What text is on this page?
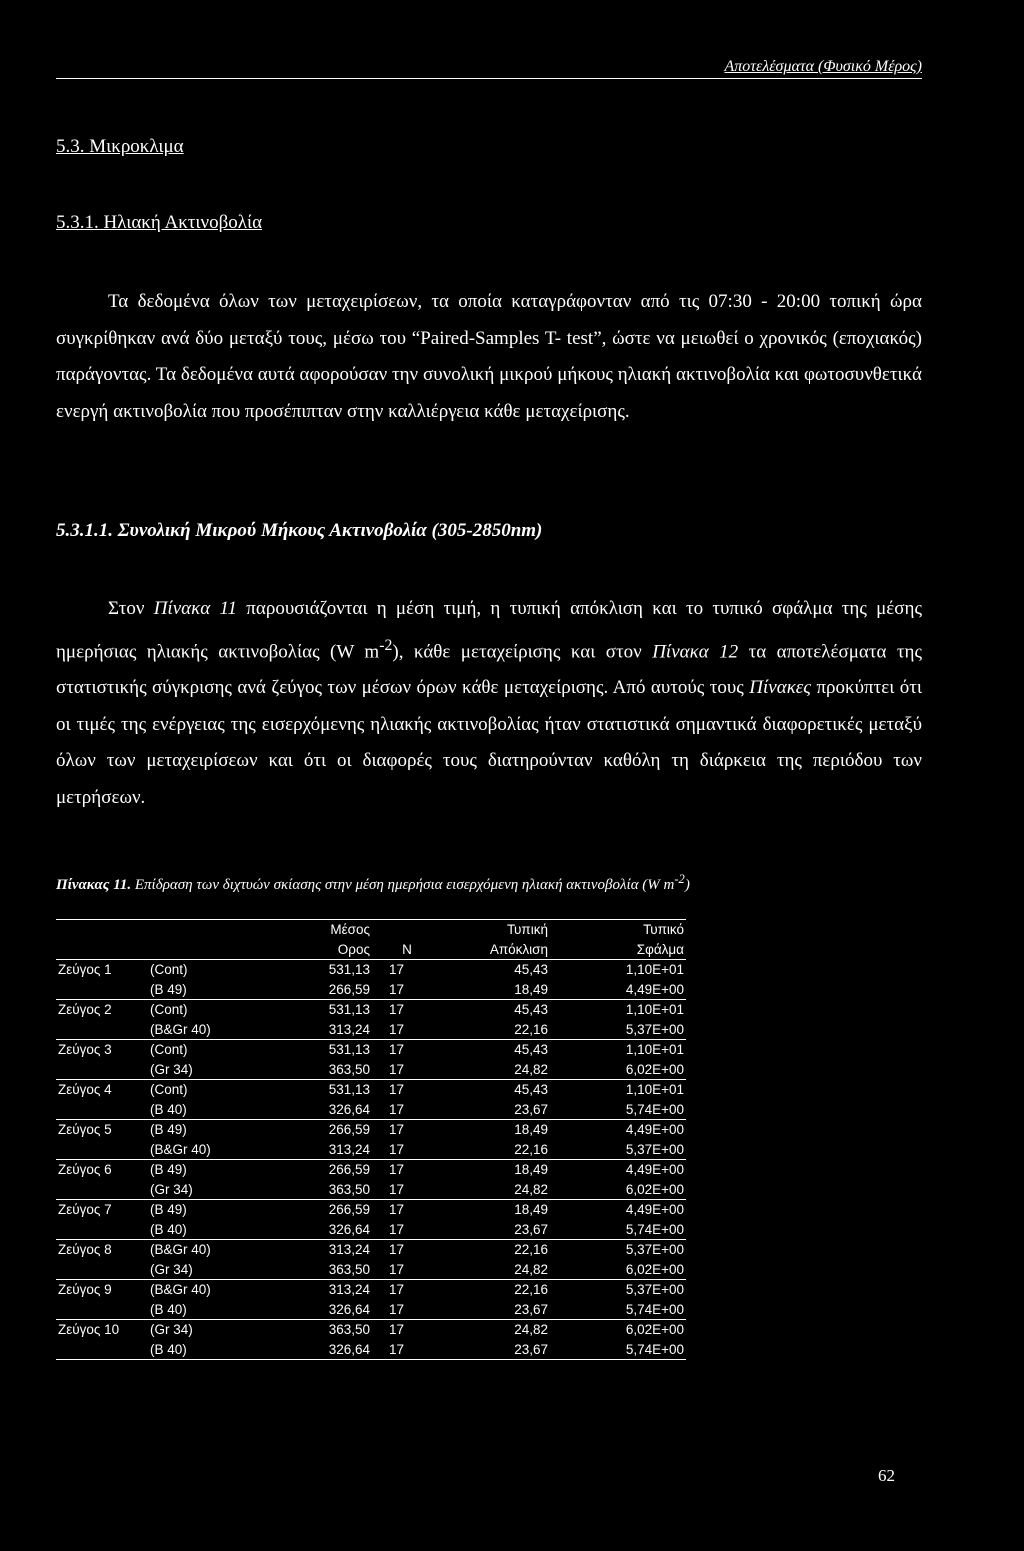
Αποτελέσματα (Φυσικό Μέρος)
5.3. Μικροκλιμα
5.3.1. Ηλιακή Ακτινοβολία
Τα δεδομένα όλων των μεταχειρίσεων, τα οποία καταγράφονταν από τις 07:30 - 20:00 τοπική ώρα συγκρίθηκαν ανά δύο μεταξύ τους, μέσω του “Paired-Samples T- test”, ώστε να μειωθεί ο χρονικός (εποχιακός) παράγοντας. Τα δεδομένα αυτά αφορούσαν την συνολική μικρού μήκους ηλιακή ακτινοβολία και φωτοσυνθετικά ενεργή ακτινοβολία που προσέπιπταν στην καλλιέργεια κάθε μεταχείρισης.
5.3.1.1. Συνολική Μικρού Μήκους Ακτινοβολία (305-2850nm)
Στον Πίνακα 11 παρουσιάζονται η μέση τιμή, η τυπική απόκλιση και το τυπικό σφάλμα της μέσης ημερήσιας ηλιακής ακτινοβολίας (W $m^{-2}$), κάθε μεταχείρισης και στον Πίνακα 12 τα αποτελέσματα της στατιστικής σύγκρισης ανά ζεύγος των μέσων όρων κάθε μεταχείρισης. Από αυτούς τους Πίνακες προκύπτει ότι οι τιμές της ενέργειας της εισερχόμενης ηλιακής ακτινοβολίας ήταν στατιστικά σημαντικά διαφορετικές μεταξύ όλων των μεταχειρίσεων και ότι οι διαφορές τους διατηρούνταν καθόλη τη διάρκεια της περιόδου των μετρήσεων.
Πίνακας 11. Επίδραση των διχτυών σκίασης στην μέση ημερήσια εισερχόμενη ηλιακή ακτινοβολία (W $m^{-2}$)
		Μέσος		Τυπική	Τυπικό
		Ορος	N	Απόκλιση	Σφάλμα
Ζεύγος 1	(Cont)	531,13	17	45,43	1,10E+01
	(B 49)	266,59	17	18,49	4,49E+00
Ζεύγος 2	(Cont)	531,13	17	45,43	1,10E+01
	(B&Gr 40)	313,24	17	22,16	5,37E+00
Ζεύγος 3	(Cont)	531,13	17	45,43	1,10E+01
	(Gr 34)	363,50	17	24,82	6,02E+00
Ζεύγος 4	(Cont)	531,13	17	45,43	1,10E+01
	(B 40)	326,64	17	23,67	5,74E+00
Ζεύγος 5	(B 49)	266,59	17	18,49	4,49E+00
	(B&Gr 40)	313,24	17	22,16	5,37E+00
Ζεύγος 6	(B 49)	266,59	17	18,49	4,49E+00
	(Gr 34)	363,50	17	24,82	6,02E+00
Ζεύγος 7	(B 49)	266,59	17	18,49	4,49E+00
	(B 40)	326,64	17	23,67	5,74E+00
Ζεύγος 8	(B&Gr 40)	313,24	17	22,16	5,37E+00
	(Gr 34)	363,50	17	24,82	6,02E+00
Ζεύγος 9	(B&Gr 40)	313,24	17	22,16	5,37E+00
	(B 40)	326,64	17	23,67	5,74E+00
Ζεύγος 10	(Gr 34)	363,50	17	24,82	6,02E+00
	(B 40)	326,64	17	23,67	5,74E+00
62
